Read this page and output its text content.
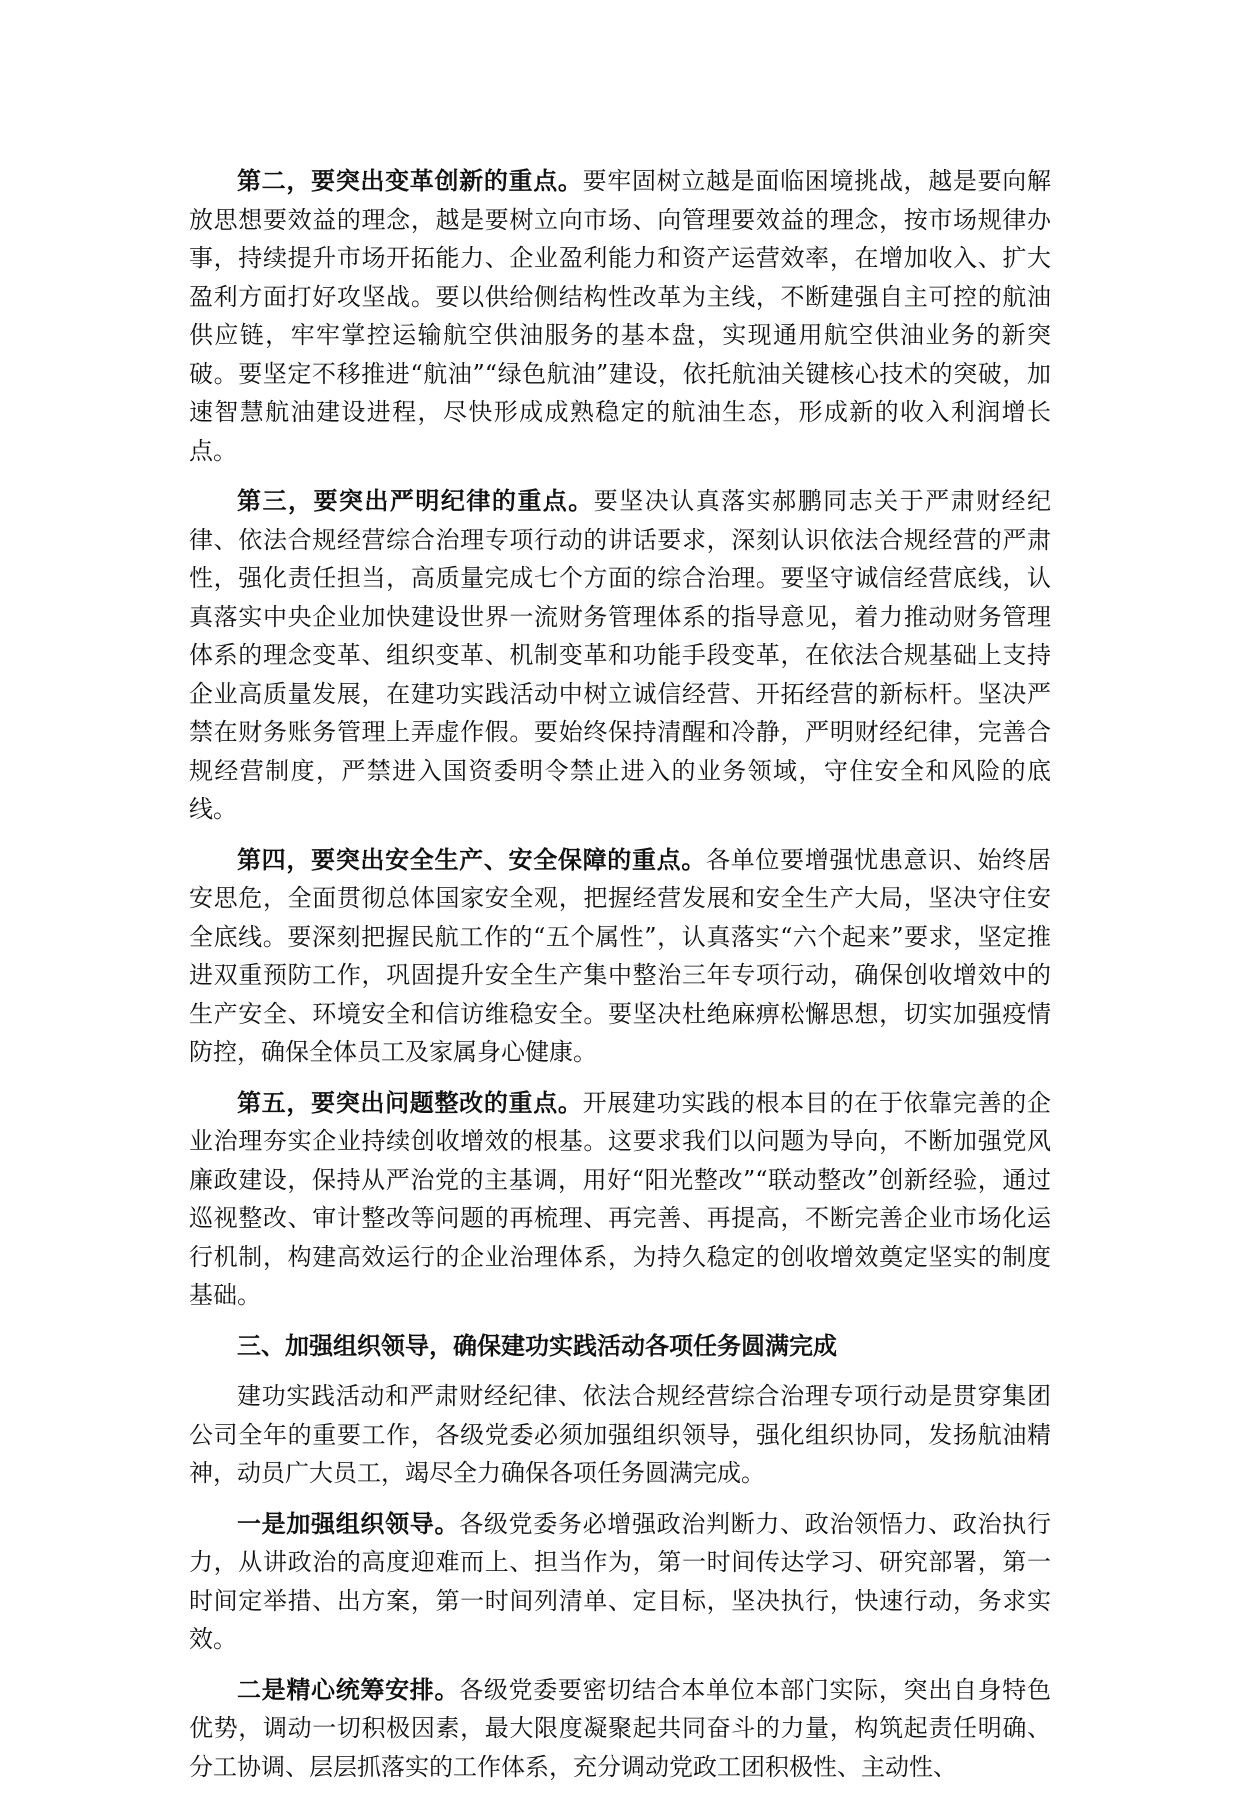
第二，要突出变革创新的重点。要牢固树立越是面临困境挑战，越是要向解放思想要效益的理念，越是要树立向市场、向管理要效益的理念，按市场规律办事，持续提升市场开拓能力、企业盈利能力和资产运营效率，在增加收入、扩大盈利方面打好攻坚战。要以供给侧结构性改革为主线，不断建强自主可控的航油供应链，牢牢掌控运输航空供油服务的基本盘，实现通用航空供油业务的新突破。要坚定不移推进“航油”“绿色航油”建设，依托航油关键核心技术的突破，加速智慧航油建设进程，尽快形成成熟稳定的航油生态，形成新的收入利润增长点。

第三，要突出严明纪律的重点。要坚决认真落实郝鹏同志关于严肃财经纪律、依法合规经营综合治理专项行动的讲话要求，深刻认识依法合规经营的严肃性，强化责任担当，高质量完成七个方面的综合治理。要坚守诚信经营底线，认真落实中央企业加快建设世界一流财务管理体系的指导意见，着力推动财务管理体系的理念变革、组织变革、机制变革和功能手段变革，在依法合规基础上支持企业高质量发展，在建功实践活动中树立诚信经营、开拓经营的新标杆。坚决严禁在财务账务管理上弄虚作假。要始终保持清醒和冷静，严明财经纪律，完善合规经营制度，严禁进入国资委明令禁止进入的业务领域，守住安全和风险的底线。

第四，要突出安全生产、安全保障的重点。各单位要增强忧患意识、始终居安思危，全面贯彻总体国家安全观，把握经营发展和安全生产大局，坚决守住安全底线。要深刻把握民航工作的“五个属性”，认真落实“六个起来”要求，坚定推进双重预防工作，巩固提升安全生产集中整治三年专项行动，确保创收增效中的生产安全、环境安全和信访维稳安全。要坚决杜绝麻痹松懈思想，切实加强疫情防控，确保全体员工及家属身心健康。

第五，要突出问题整改的重点。开展建功实践的根本目的在于依靠完善的企业治理夯实企业持续创收增效的根基。这要求我们以问题为导向，不断加强党风廉政建设，保持从严治党的主基调，用好“阳光整改”“联动整改”创新经验，通过巡视整改、审计整改等问题的再梳理、再完善、再提高，不断完善企业市场化运行机制，构建高效运行的企业治理体系，为持久稳定的创收增效奠定坚实的制度基础。

三、加强组织领导，确保建功实践活动各项任务圆满完成

建功实践活动和严肃财经纪律、依法合规经营综合治理专项行动是贯穿集团公司全年的重要工作，各级党委必须加强组织领导，强化组织协同，发扬航油精神，动员广大员工，竭尽全力确保各项任务圆满完成。

一是加强组织领导。各级党委务必增强政治判断力、政治领悟力、政治执行力，从讲政治的高度迎难而上、担当作为，第一时间传达学习、研究部署，第一时间定举措、出方案，第一时间列清单、定目标，坚决执行，快速行动，务求实效。

二是精心统筹安排。各级党委要密切结合本单位本部门实际，突出自身特色优势，调动一切积极因素，最大限度凝聚起共同奋斗的力量，构筑起责任明确、分工协调、层层抓落实的工作体系，充分调动党政工团积极性、主动性、
